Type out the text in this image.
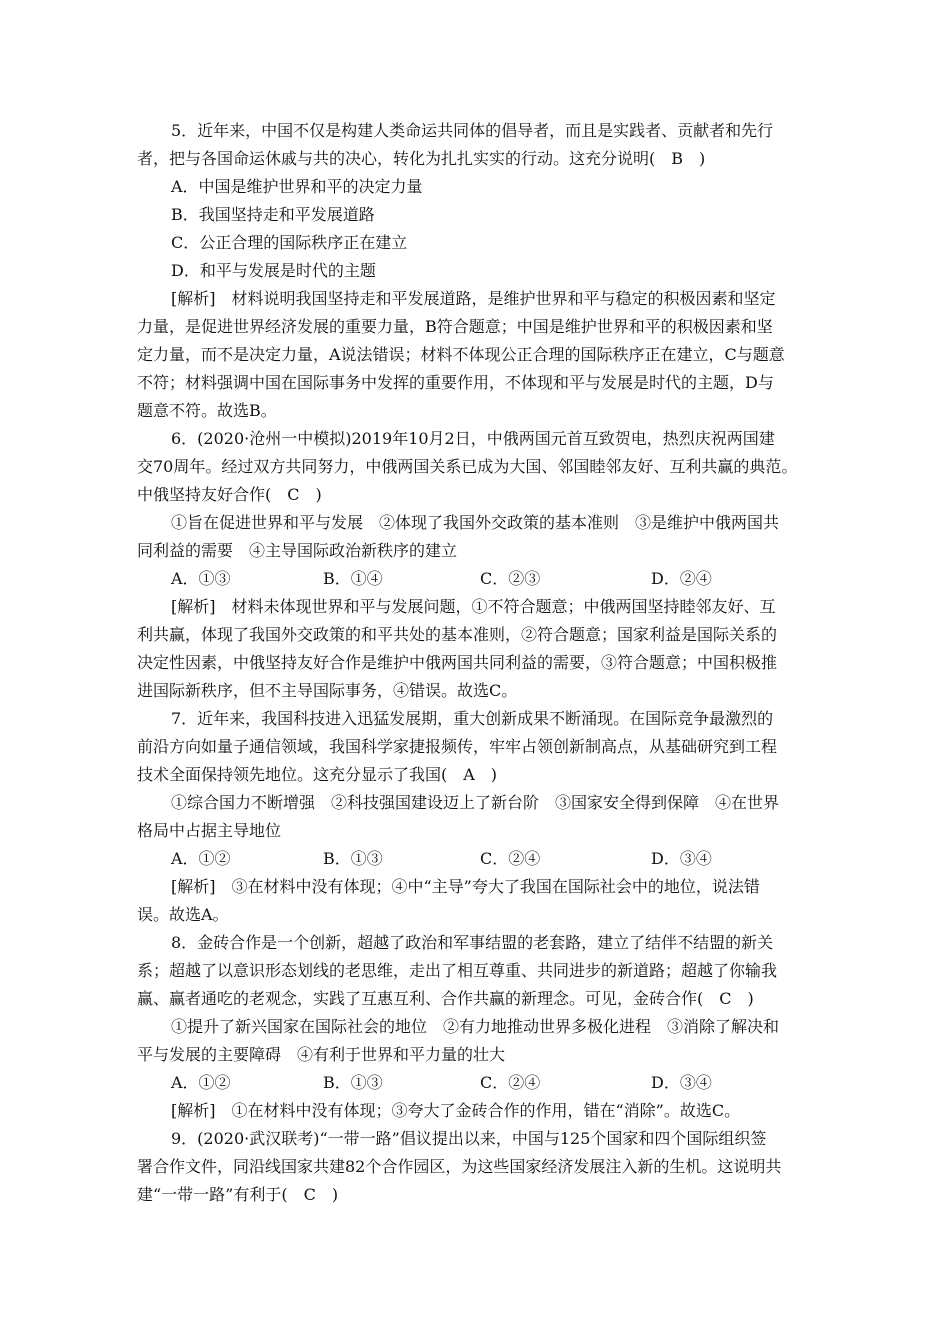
5．近年来，中国不仅是构建人类命运共同体的倡导者，而且是实践者、贡献者和先行
者，把与各国命运休戚与共的决心，转化为扎扎实实的行动。这充分说明(　B　)
A．中国是维护世界和平的决定力量
B．我国坚持走和平发展道路
C．公正合理的国际秩序正在建立
D．和平与发展是时代的主题
[解析]　材料说明我国坚持走和平发展道路，是维护世界和平与稳定的积极因素和坚定
力量，是促进世界经济发展的重要力量，B符合题意；中国是维护世界和平的积极因素和坚
定力量，而不是决定力量，A说法错误；材料不体现公正合理的国际秩序正在建立，C与题意
不符；材料强调中国在国际事务中发挥的重要作用，不体现和平与发展是时代的主题，D与
题意不符。故选B。
6．(2020·沧州一中模拟)2019年10月2日，中俄两国元首互致贺电，热烈庆祝两国建
交70周年。经过双方共同努力，中俄两国关系已成为大国、邻国睦邻友好、互利共赢的典范。
中俄坚持友好合作(　C　)
①旨在促进世界和平与发展　②体现了我国外交政策的基本准则　③是维护中俄两国共
同利益的需要　④主导国际政治新秩序的建立
A．①③	B．①④	C．②③	D．②④
[解析]　材料未体现世界和平与发展问题，①不符合题意；中俄两国坚持睦邻友好、互
利共赢，体现了我国外交政策的和平共处的基本准则，②符合题意；国家利益是国际关系的
决定性因素，中俄坚持友好合作是维护中俄两国共同利益的需要，③符合题意；中国积极推
进国际新秩序，但不主导国际事务，④错误。故选C。
7．近年来，我国科技进入迅猛发展期，重大创新成果不断涌现。在国际竞争最激烈的
前沿方向如量子通信领域，我国科学家捷报频传，牢牢占领创新制高点，从基础研究到工程
技术全面保持领先地位。这充分显示了我国(　A　)
①综合国力不断增强　②科技强国建设迈上了新台阶　③国家安全得到保障　④在世界
格局中占据主导地位
A．①②	B．①③	C．②④	D．③④
[解析]　③在材料中没有体现；④中“主导”夸大了我国在国际社会中的地位，说法错
误。故选A。
8．金砖合作是一个创新，超越了政治和军事结盟的老套路，建立了结伴不结盟的新关
系；超越了以意识形态划线的老思维，走出了相互尊重、共同进步的新道路；超越了你输我
赢、赢者通吃的老观念，实践了互惠互利、合作共赢的新理念。可见，金砖合作(　C　)
①提升了新兴国家在国际社会的地位　②有力地推动世界多极化进程　③消除了解决和
平与发展的主要障碍　④有利于世界和平力量的壮大
A．①②	B．①③	C．②④	D．③④
[解析]　①在材料中没有体现；③夸大了金砖合作的作用，错在“消除”。故选C。
9．(2020·武汉联考)“一带一路”倡议提出以来，中国与125个国家和四个国际组织签
署合作文件，同沿线国家共建82个合作园区，为这些国家经济发展注入新的生机。这说明共
建“一带一路”有利于(　C　)
